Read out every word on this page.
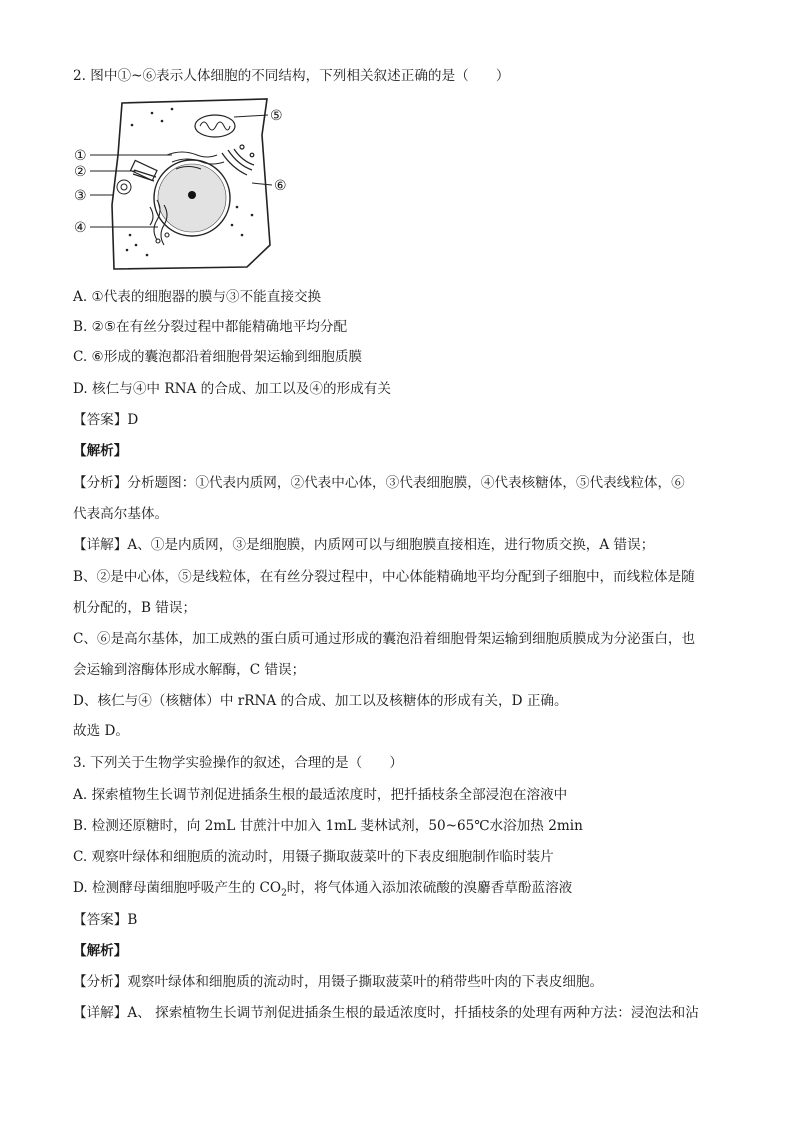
2. 图中①~⑥表示人体细胞的不同结构，下列相关叙述正确的是（　　）
①
②
③
④
⑤
⑥
A. ①代表的细胞器的膜与③不能直接交换
B. ②⑤在有丝分裂过程中都能精确地平均分配
C. ⑥形成的囊泡都沿着细胞骨架运输到细胞质膜
D. 核仁与④中 RNA 的合成、加工以及④的形成有关
【答案】D
【解析】
【分析】分析题图：①代表内质网，②代表中心体，③代表细胞膜，④代表核糖体，⑤代表线粒体，⑥
代表高尔基体。
【详解】A、①是内质网，③是细胞膜，内质网可以与细胞膜直接相连，进行物质交换，A 错误；
B、②是中心体，⑤是线粒体，在有丝分裂过程中，中心体能精确地平均分配到子细胞中，而线粒体是随
机分配的，B 错误；
C、⑥是高尔基体，加工成熟的蛋白质可通过形成的囊泡沿着细胞骨架运输到细胞质膜成为分泌蛋白，也
会运输到溶酶体形成水解酶，C 错误；
D、核仁与④（核糖体）中 rRNA 的合成、加工以及核糖体的形成有关，D 正确。
故选 D。
3. 下列关于生物学实验操作的叙述，合理的是（　　）
A. 探索植物生长调节剂促进插条生根的最适浓度时，把扦插枝条全部浸泡在溶液中
B. 检测还原糖时，向 2mL 甘蔗汁中加入 1mL 斐林试剂，50~65℃水浴加热 2min
C. 观察叶绿体和细胞质的流动时，用镊子撕取菠菜叶的下表皮细胞制作临时装片
D. 检测酵母菌细胞呼吸产生的 $CO_2$时，将气体通入添加浓硫酸的溴麝香草酚蓝溶液
【答案】B
【解析】
【分析】观察叶绿体和细胞质的流动时，用镊子撕取菠菜叶的稍带些叶肉的下表皮细胞。
【详解】A、 探索植物生长调节剂促进插条生根的最适浓度时，扦插枝条的处理有两种方法：浸泡法和沾
